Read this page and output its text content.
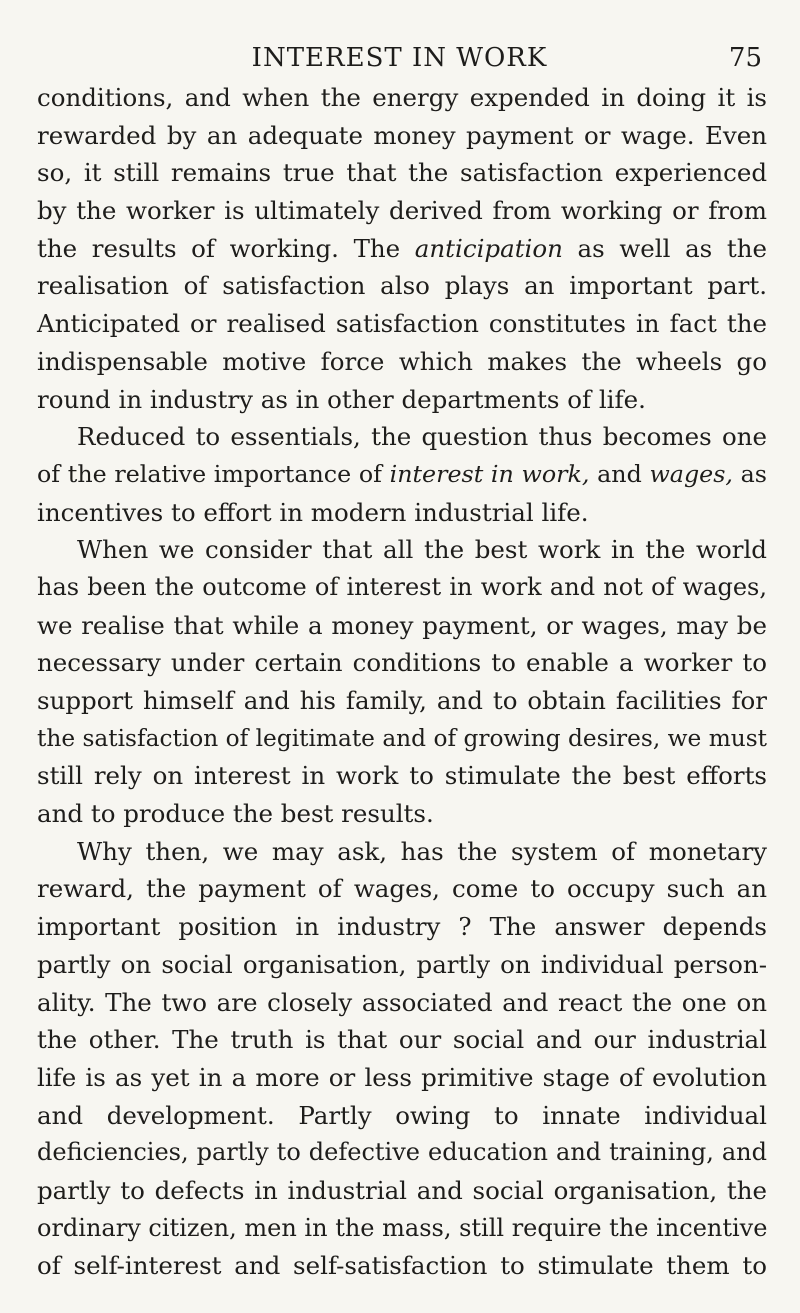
INTEREST IN WORK	75
conditions, and when the energy expended in doing it is
rewarded by an adequate money payment or wage. Even
so, it still remains true that the satisfaction experienced
by the worker is ultimately derived from working or from
the results of working. The anticipation as well as the
realisation of satisfaction also plays an important part.
Anticipated or realised satisfaction constitutes in fact the
indispensable motive force which makes the wheels go
round in industry as in other departments of life.
Reduced to essentials, the question thus becomes one
of the relative importance of interest in work, and wages, as
incentives to effort in modern industrial life.
When we consider that all the best work in the world
has been the outcome of interest in work and not of wages,
we realise that while a money payment, or wages, may be
necessary under certain conditions to enable a worker to
support himself and his family, and to obtain facilities for
the satisfaction of legitimate and of growing desires, we must
still rely on interest in work to stimulate the best efforts
and to produce the best results.
Why then, we may ask, has the system of monetary
reward, the payment of wages, come to occupy such an
important position in industry ? The answer depends
partly on social organisation, partly on individual person-
ality. The two are closely associated and react the one on
the other. The truth is that our social and our industrial
life is as yet in a more or less primitive stage of evolution
and development. Partly owing to innate individual
deficiencies, partly to defective education and training, and
partly to defects in industrial and social organisation, the
ordinary citizen, men in the mass, still require the incentive
of self-interest and self-satisfaction to stimulate them to
